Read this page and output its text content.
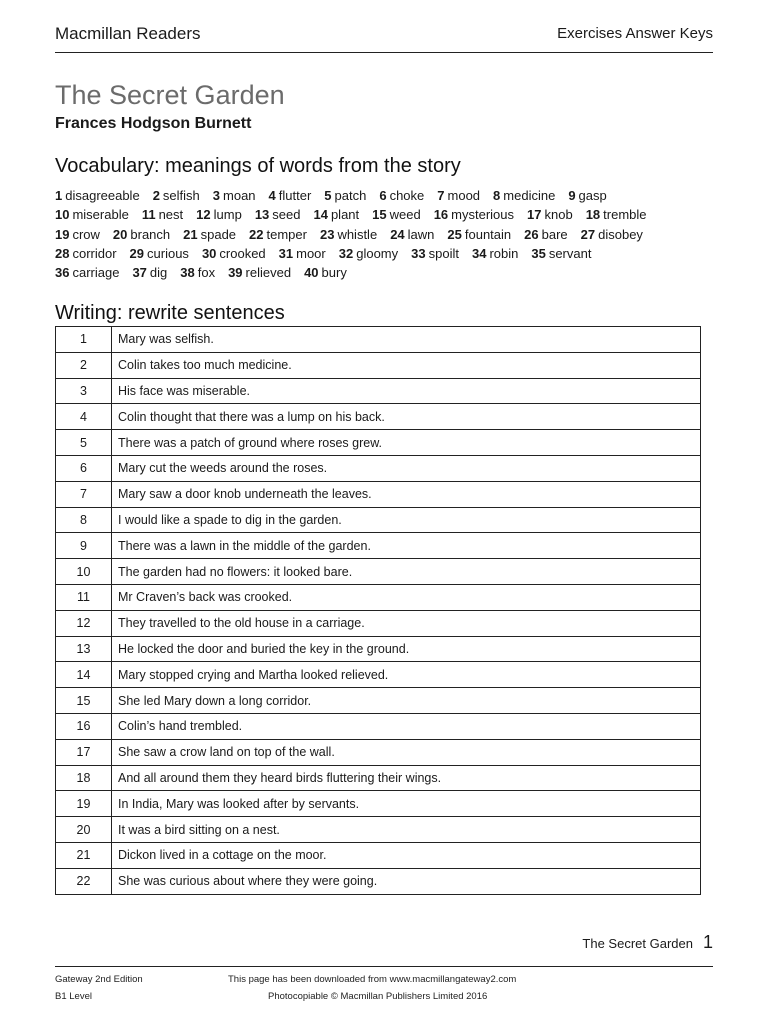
Macmillan Readers	Exercises Answer Keys
The Secret Garden
Frances Hodgson Burnett
Vocabulary: meanings of words from the story
1 disagreeable 2 selfish 3 moan 4 flutter 5 patch 6 choke 7 mood 8 medicine 9 gasp
10 miserable 11 nest 12 lump 13 seed 14 plant 15 weed 16 mysterious 17 knob 18 tremble
19 crow 20 branch 21 spade 22 temper 23 whistle 24 lawn 25 fountain 26 bare 27 disobey
28 corridor 29 curious 30 crooked 31 moor 32 gloomy 33 spoilt 34 robin 35 servant
36 carriage 37 dig 38 fox 39 relieved 40 bury
Writing: rewrite sentences
1	Mary was selfish.
2	Colin takes too much medicine.
3	His face was miserable.
4	Colin thought that there was a lump on his back.
5	There was a patch of ground where roses grew.
6	Mary cut the weeds around the roses.
7	Mary saw a door knob underneath the leaves.
8	I would like a spade to dig in the garden.
9	There was a lawn in the middle of the garden.
10	The garden had no flowers: it looked bare.
11	Mr Craven’s back was crooked.
12	They travelled to the old house in a carriage.
13	He locked the door and buried the key in the ground.
14	Mary stopped crying and Martha looked relieved.
15	She led Mary down a long corridor.
16	Colin’s hand trembled.
17	She saw a crow land on top of the wall.
18	And all around them they heard birds fluttering their wings.
19	In India, Mary was looked after by servants.
20	It was a bird sitting on a nest.
21	Dickon lived in a cottage on the moor.
22	She was curious about where they were going.
The Secret Garden 1
Gateway 2nd Edition
B1 Level
This page has been downloaded from www.macmillangateway2.com
Photocopiable © Macmillan Publishers Limited 2016
